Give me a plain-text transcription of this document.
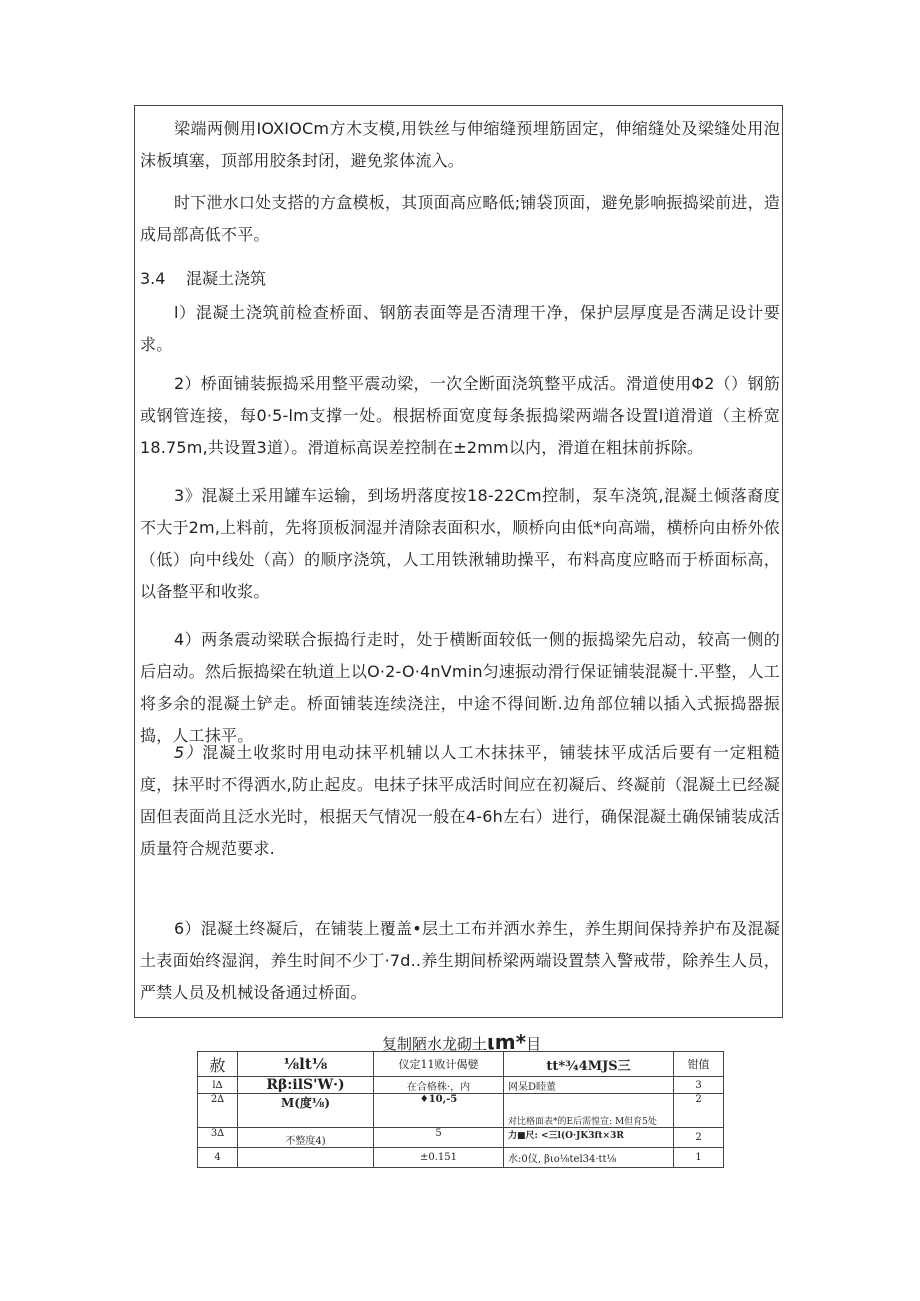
梁端两侧用IOXIOCm方木支模,用铁丝与伸缩缝预埋筋固定，伸缩缝处及梁缝处用泡沫板填塞，顶部用胶条封闭，避免浆体流入。

时下泄水口处支搭的方盒模板，其顶面高应略低;铺袋顶面，避免影响振捣梁前进，造成局部高低不平。

3.4 混凝土浇筑

l）混凝土浇筑前检查桥面、钢筋表面等是否清理干净，保护层厚度是否满足设计要求。

2）桥面铺装振捣采用整平震动梁，一次全断面浇筑整平成活。滑道使用Φ2（）钢筋或钢管连接，每0·5-lm支撑一处。根据桥面宽度每条振捣梁两端各设置l道滑道（主桥宽18.75m,共设置3道）。滑道标高误差控制在±2mm以内，滑道在粗抹前拆除。

3》混凝土采用罐车运输，到场坍落度按18-22Cm控制，泵车浇筑,混凝土倾落裔度不大于2m,上料前，先将顶板洞湿并清除表面积水，顺桥向由低*向高端，横桥向由桥外侬（低）向中线处（高）的顺序浇筑，人工用铁湫辅助操平，布料高度应略而于桥面标高，以备整平和收浆。

4）两条震动梁联合振捣行走时，处于横断面较低一侧的振捣梁先启动，较高一侧的后启动。然后振捣梁在轨道上以O·2-O·4nVmin匀速振动滑行保证铺装混凝十.平整，人工将多余的混凝土铲走。桥面铺装连续浇注，中途不得间断.边角部位辅以插入式振捣器振捣，人工抹平。

5）混凝土收浆时用电动抹平机辅以人工木抹抹平，铺装抹平成活后要有一定粗糙度，抹平时不得洒水,防止起皮。电抹子抹平成活时间应在初凝后、终凝前（混凝土已经凝固但表面尚且泛水光时，根据天气情况一般在4-6h左右）进行，确保混凝土确保铺装成活质量符合规范要求.

6）混凝土终凝后，在铺装上覆盖•层土工布并洒水养生，养生期间保持养护布及混凝土表面始终湿润，养生时间不少丁·7d..养生期间桥梁两端设置禁入警戒带，除养生人员，严禁人员及机械设备通过桥面。

复制陋水龙砌土ιm*目
赦	⅛lt⅛	仪定11败计偈嬖	tt*¾4MJS三	钳值
l∆	Rβ:ilS'W·)	在合格株·，内	网呆D睦董	3
2∆	M(度⅛)	♦10,-5	对比格面表*的E后需惶宣: M但育5处	2
3∆	不整度4)	5	力■尺: <三l(O·JK3ft×3R	2
4		±0.151	水:0仪, βιo⅛tel34·tt⅛	1
